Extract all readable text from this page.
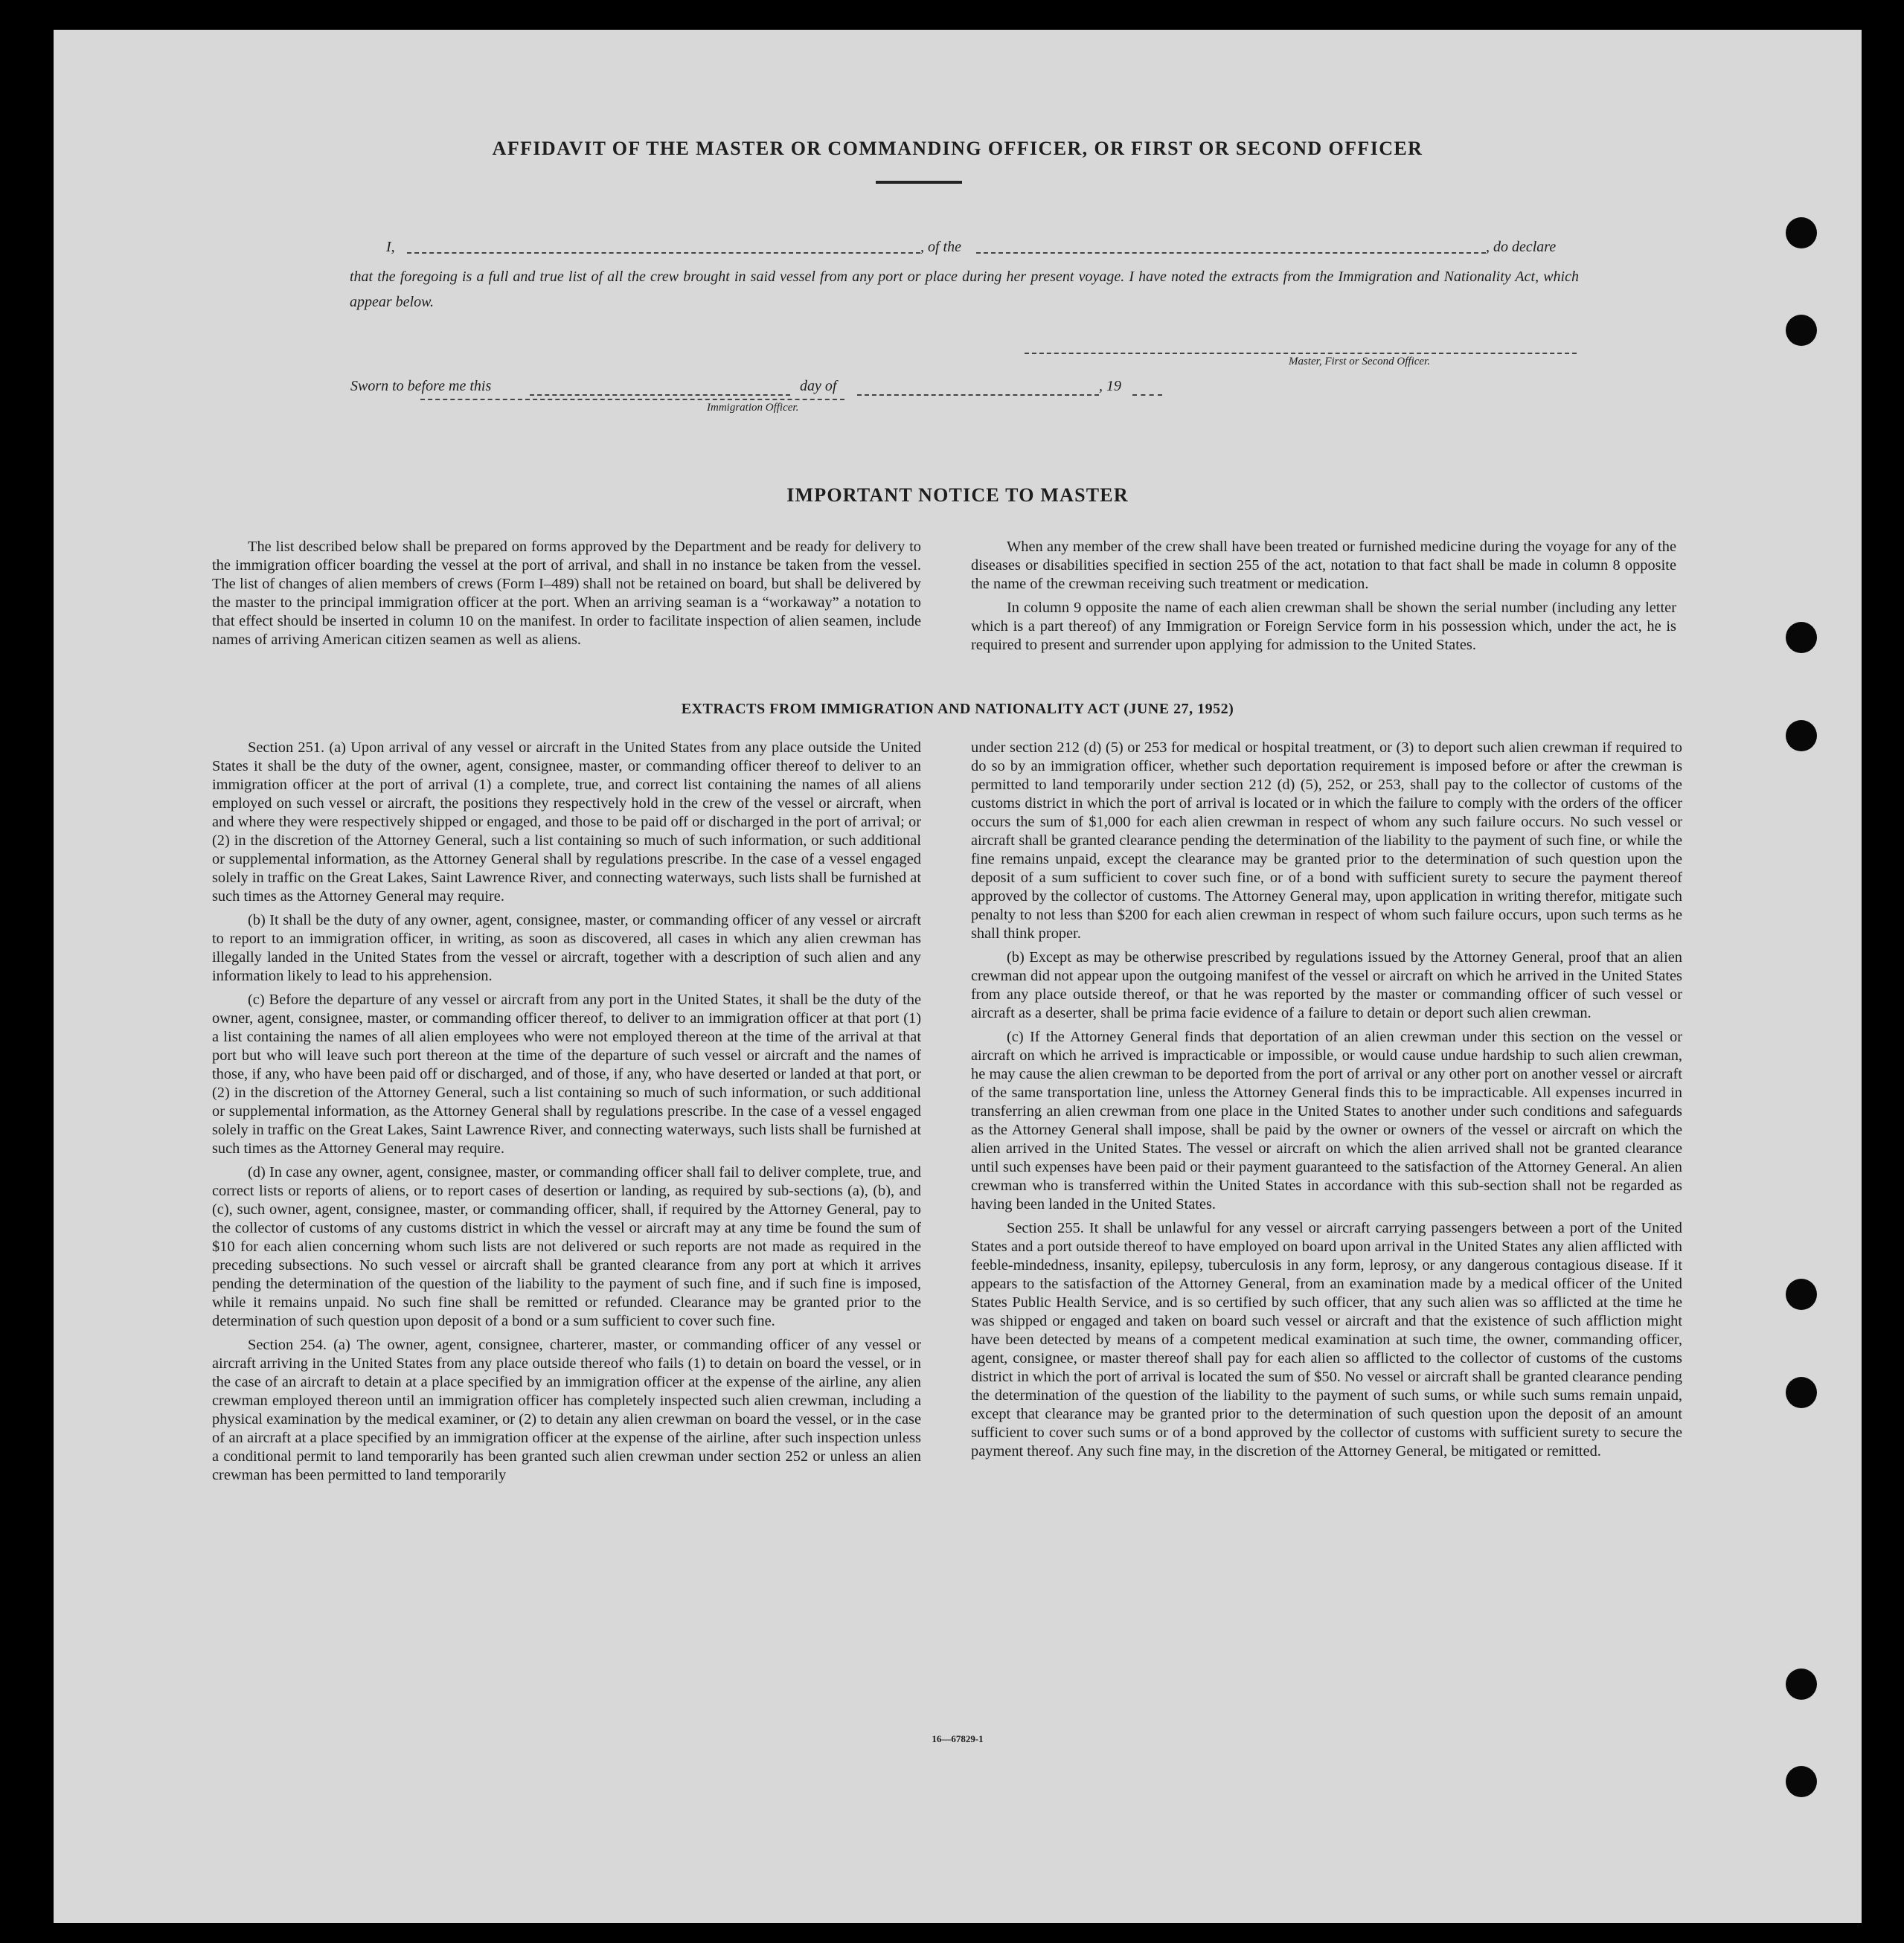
AFFIDAVIT OF THE MASTER OR COMMANDING OFFICER, OR FIRST OR SECOND OFFICER
I,	, of the	, do declare
that the foregoing is a full and true list of all the crew brought in said vessel from any port or place during her present voyage. I have noted the extracts from the Immigration and Nationality Act, which appear below.
Master, First or Second Officer.
Sworn to before me this	day of	, 19
Immigration Officer.
IMPORTANT NOTICE TO MASTER

The list described below shall be prepared on forms approved by the Department and be ready for delivery to the immigration officer boarding the vessel at the port of arrival, and shall in no instance be taken from the vessel. The list of changes of alien members of crews (Form I–489) shall not be retained on board, but shall be delivered by the master to the principal immigration officer at the port. When an arriving seaman is a “workaway” a notation to that effect should be inserted in column 10 on the manifest. In order to facilitate inspection of alien seamen, include names of arriving American citizen seamen as well as aliens.

When any member of the crew shall have been treated or furnished medicine during the voyage for any of the diseases or disabilities specified in section 255 of the act, notation to that fact shall be made in column 8 opposite the name of the crewman receiving such treatment or medication.

In column 9 opposite the name of each alien crewman shall be shown the serial number (including any letter which is a part thereof) of any Immigration or Foreign Service form in his possession which, under the act, he is required to present and surrender upon applying for admission to the United States.

EXTRACTS FROM IMMIGRATION AND NATIONALITY ACT (JUNE 27, 1952)

Section 251. (a) Upon arrival of any vessel or aircraft in the United States from any place outside the United States it shall be the duty of the owner, agent, consignee, master, or commanding officer thereof to deliver to an immigration officer at the port of arrival (1) a complete, true, and correct list containing the names of all aliens employed on such vessel or aircraft, the positions they respectively hold in the crew of the vessel or aircraft, when and where they were respectively shipped or engaged, and those to be paid off or discharged in the port of arrival; or (2) in the discretion of the Attorney General, such a list containing so much of such information, or such additional or supplemental information, as the Attorney General shall by regulations prescribe. In the case of a vessel engaged solely in traffic on the Great Lakes, Saint Lawrence River, and connecting waterways, such lists shall be furnished at such times as the Attorney General may require.

(b) It shall be the duty of any owner, agent, consignee, master, or commanding officer of any vessel or aircraft to report to an immigration officer, in writing, as soon as discovered, all cases in which any alien crewman has illegally landed in the United States from the vessel or aircraft, together with a description of such alien and any information likely to lead to his apprehension.

(c) Before the departure of any vessel or aircraft from any port in the United States, it shall be the duty of the owner, agent, consignee, master, or commanding officer thereof, to deliver to an immigration officer at that port (1) a list containing the names of all alien employees who were not employed thereon at the time of the arrival at that port but who will leave such port thereon at the time of the departure of such vessel or aircraft and the names of those, if any, who have been paid off or discharged, and of those, if any, who have deserted or landed at that port, or (2) in the discretion of the Attorney General, such a list containing so much of such information, or such additional or supplemental information, as the Attorney General shall by regulations prescribe. In the case of a vessel engaged solely in traffic on the Great Lakes, Saint Lawrence River, and connecting waterways, such lists shall be furnished at such times as the Attorney General may require.

(d) In case any owner, agent, consignee, master, or commanding officer shall fail to deliver complete, true, and correct lists or reports of aliens, or to report cases of desertion or landing, as required by sub-sections (a), (b), and (c), such owner, agent, consignee, master, or commanding officer, shall, if required by the Attorney General, pay to the collector of customs of any customs district in which the vessel or aircraft may at any time be found the sum of $10 for each alien concerning whom such lists are not delivered or such reports are not made as required in the preceding subsections. No such vessel or aircraft shall be granted clearance from any port at which it arrives pending the determination of the question of the liability to the payment of such fine, and if such fine is imposed, while it remains unpaid. No such fine shall be remitted or refunded. Clearance may be granted prior to the determination of such question upon deposit of a bond or a sum sufficient to cover such fine.

Section 254. (a) The owner, agent, consignee, charterer, master, or commanding officer of any vessel or aircraft arriving in the United States from any place outside thereof who fails (1) to detain on board the vessel, or in the case of an aircraft to detain at a place specified by an immigration officer at the expense of the airline, any alien crewman employed thereon until an immigration officer has completely inspected such alien crewman, including a physical examination by the medical examiner, or (2) to detain any alien crewman on board the vessel, or in the case of an aircraft at a place specified by an immigration officer at the expense of the airline, after such inspection unless a conditional permit to land temporarily has been granted such alien crewman under section 252 or unless an alien crewman has been permitted to land temporarily

under section 212 (d) (5) or 253 for medical or hospital treatment, or (3) to deport such alien crewman if required to do so by an immigration officer, whether such deportation requirement is imposed before or after the crewman is permitted to land temporarily under section 212 (d) (5), 252, or 253, shall pay to the collector of customs of the customs district in which the port of arrival is located or in which the failure to comply with the orders of the officer occurs the sum of $1,000 for each alien crewman in respect of whom any such failure occurs. No such vessel or aircraft shall be granted clearance pending the determination of the liability to the payment of such fine, or while the fine remains unpaid, except the clearance may be granted prior to the determination of such question upon the deposit of a sum sufficient to cover such fine, or of a bond with sufficient surety to secure the payment thereof approved by the collector of customs. The Attorney General may, upon application in writing therefor, mitigate such penalty to not less than $200 for each alien crewman in respect of whom such failure occurs, upon such terms as he shall think proper.

(b) Except as may be otherwise prescribed by regulations issued by the Attorney General, proof that an alien crewman did not appear upon the outgoing manifest of the vessel or aircraft on which he arrived in the United States from any place outside thereof, or that he was reported by the master or commanding officer of such vessel or aircraft as a deserter, shall be prima facie evidence of a failure to detain or deport such alien crewman.

(c) If the Attorney General finds that deportation of an alien crewman under this section on the vessel or aircraft on which he arrived is impracticable or impossible, or would cause undue hardship to such alien crewman, he may cause the alien crewman to be deported from the port of arrival or any other port on another vessel or aircraft of the same transportation line, unless the Attorney General finds this to be impracticable. All expenses incurred in transferring an alien crewman from one place in the United States to another under such conditions and safeguards as the Attorney General shall impose, shall be paid by the owner or owners of the vessel or aircraft on which the alien arrived in the United States. The vessel or aircraft on which the alien arrived shall not be granted clearance until such expenses have been paid or their payment guaranteed to the satisfaction of the Attorney General. An alien crewman who is transferred within the United States in accordance with this sub-section shall not be regarded as having been landed in the United States.

Section 255. It shall be unlawful for any vessel or aircraft carrying passengers between a port of the United States and a port outside thereof to have employed on board upon arrival in the United States any alien afflicted with feeble-mindedness, insanity, epilepsy, tuberculosis in any form, leprosy, or any dangerous contagious disease. If it appears to the satisfaction of the Attorney General, from an examination made by a medical officer of the United States Public Health Service, and is so certified by such officer, that any such alien was so afflicted at the time he was shipped or engaged and taken on board such vessel or aircraft and that the existence of such affliction might have been detected by means of a competent medical examination at such time, the owner, commanding officer, agent, consignee, or master thereof shall pay for each alien so afflicted to the collector of customs of the customs district in which the port of arrival is located the sum of $50. No vessel or aircraft shall be granted clearance pending the determination of the question of the liability to the payment of such sums, or while such sums remain unpaid, except that clearance may be granted prior to the determination of such question upon the deposit of an amount sufficient to cover such sums or of a bond approved by the collector of customs with sufficient surety to secure the payment thereof. Any such fine may, in the discretion of the Attorney General, be mitigated or remitted.

16—67829-1
